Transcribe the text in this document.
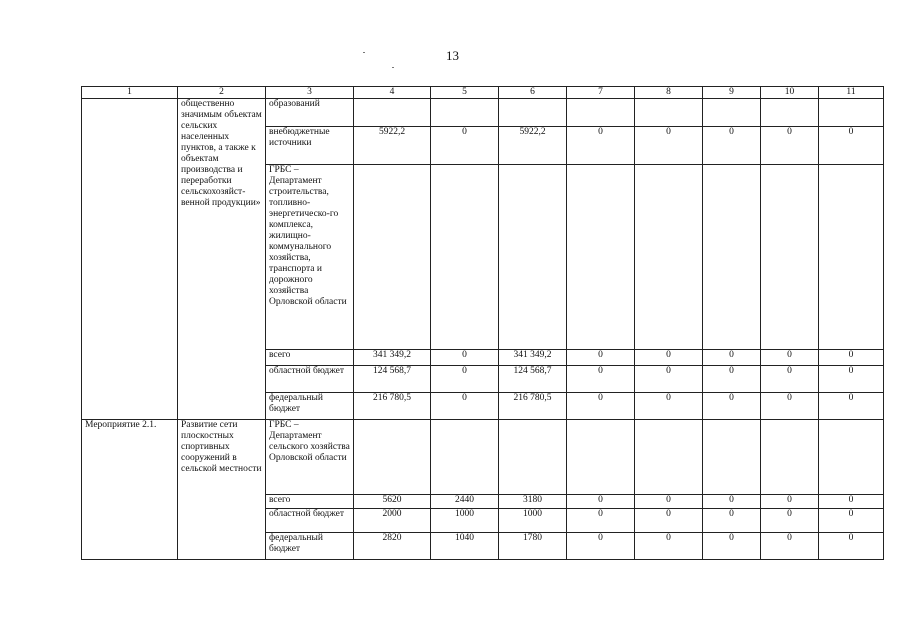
13
1	2	3	4	5	6	7	8	9	10	11
	общественно значимым объектам сельских населенных пунктов, а также к объектам производства и переработки сельскохозяйст-венной продукции»	образований								
		внебюджетные источники	5922,2	0	5922,2	0	0	0	0	0
		ГРБС – Департамент строительства, топливно-энергетическо-го комплекса, жилищно-коммунального хозяйства, транспорта и дорожного хозяйства Орловской области								
		всего	341 349,2	0	341 349,2	0	0	0	0	0
		областной бюджет	124 568,7	0	124 568,7	0	0	0	0	0
		федеральный бюджет	216 780,5	0	216 780,5	0	0	0	0	0
Мероприятие 2.1.	Развитие сети плоскостных спортивных сооружений в сельской местности	ГРБС – Департамент сельского хозяйства Орловской области								
		всего	5620	2440	3180	0	0	0	0	0
		областной бюджет	2000	1000	1000	0	0	0	0	0
		федеральный бюджет	2820	1040	1780	0	0	0	0	0
